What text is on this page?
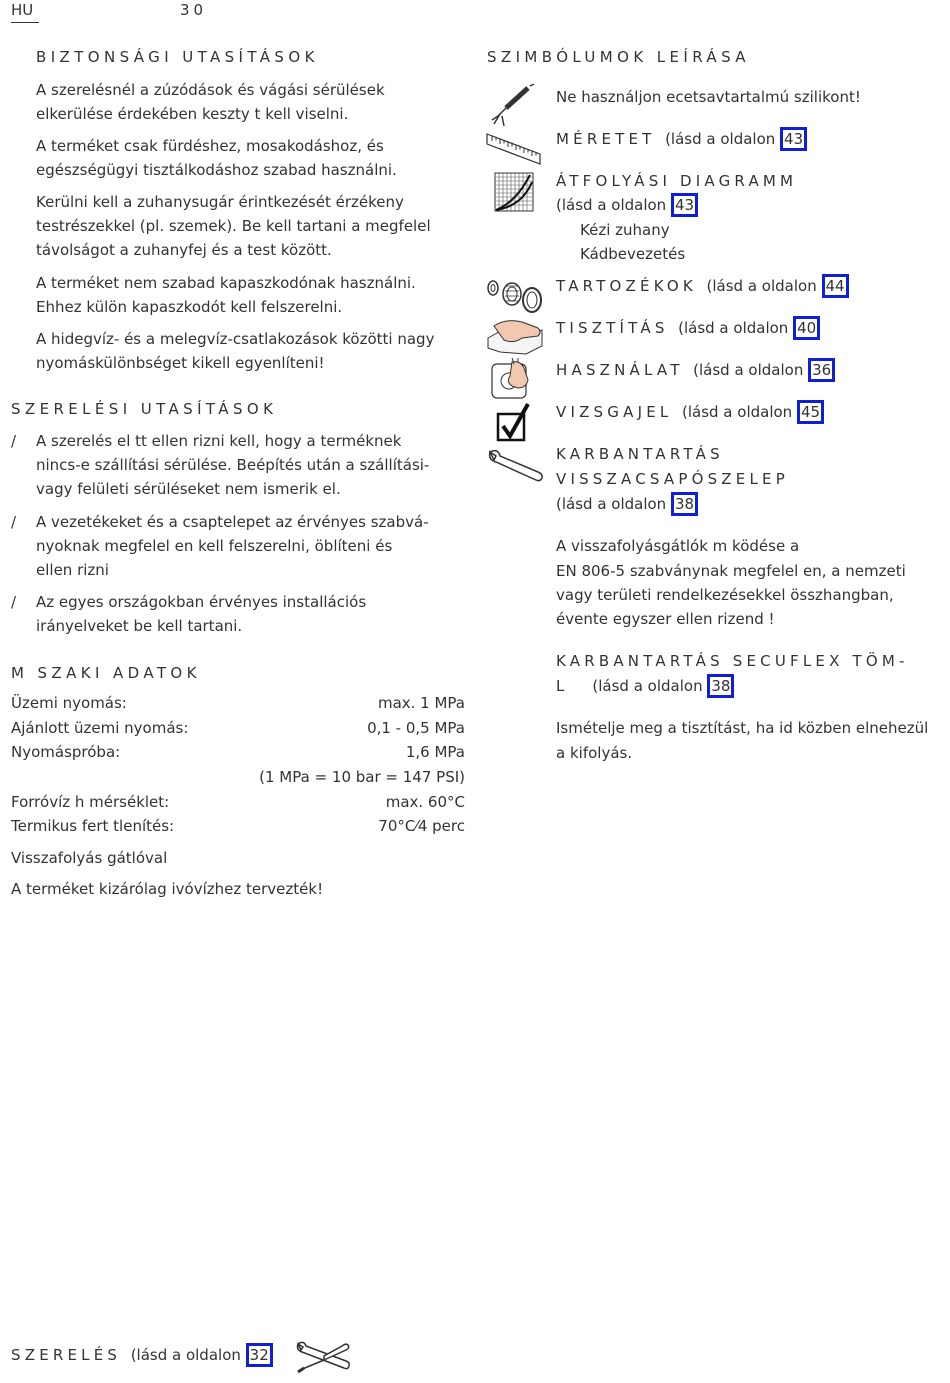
HU	30
BIZTONSÁGI UTASÍTÁSOK
A szerelésnél a zúzódások és vágási sérülések
elkerülése érdekében keszty t kell viselni.
A terméket csak fürdéshez, mosakodáshoz, és
egészségügyi tisztálkodáshoz szabad használni.
Kerülni kell a zuhanysugár érintkezését érzékeny
testrészekkel (pl. szemek). Be kell tartani a megfelel
távolságot a zuhanyfej és a test között.
A terméket nem szabad kapaszkodónak használni.
Ehhez külön kapaszkodót kell felszerelni.
A hidegvíz- és a melegvíz-csatlakozások közötti nagy
nyomáskülönbséget kikell egyenlíteni!
SZERELÉSI UTASÍTÁSOK
/ A szerelés el tt ellen rizni kell, hogy a terméknek
nincs-e szállítási sérülése. Beépítés után a szállítási-
vagy felületi sérüléseket nem ismerik el.
/ A vezetékeket és a csaptelepet az érvényes szabvá-
nyoknak megfelel en kell felszerelni, öblíteni és
ellen rizni
/ Az egyes országokban érvényes installációs
irányelveket be kell tartani.
M SZAKI ADATOK
Üzemi nyomás:	max. 1 MPa
Ajánlott üzemi nyomás:	0,1 - 0,5 MPa
Nyomáspróba:	1,6 MPa
(1 MPa = 10 bar = 147 PSI)
Forróvíz h mérséklet:	max. 60°C
Termikus fert tlenítés:	70°C⁄4 perc
Visszafolyás gátlóval
A terméket kizárólag ivóvízhez tervezték!
SZIMBÓLUMOK LEÍRÁSA
Ne használjon ecetsavtartalmú szilikont!
MÉRETET (lásd a oldalon 43
ÁTFOLYÁSI DIAGRAMM
(lásd a oldalon 43
Kézi zuhany
Kádbevezetés
TARTOZÉKOK (lásd a oldalon 44
TISZTÍTÁS (lásd a oldalon 40
HASZNÁLAT (lásd a oldalon 36
VIZSGAJEL (lásd a oldalon 45
KARBANTARTÁS
VISSZACSAPÓSZELEP
(lásd a oldalon 38
A visszafolyásgátlók m ködése a
EN 806-5 szabványnak megfelel en, a nemzeti
vagy területi rendelkezésekkel összhangban,
évente egyszer ellen rizend !
KARBANTARTÁS SECUFLEX TÖM-
L (lásd a oldalon 38
Ismételje meg a tisztítást, ha id közben elnehezül
a kifolyás.
SZERELÉS (lásd a oldalon 32
